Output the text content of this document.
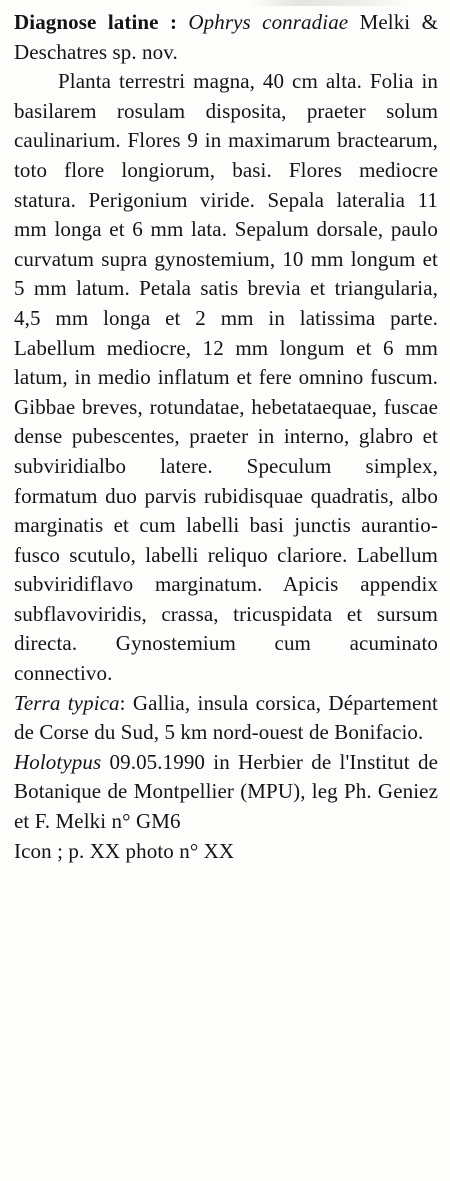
Diagnose latine : Ophrys conradiae Melki & Deschatres sp. nov.

Planta terrestri magna, 40 cm alta. Folia in basilarem rosulam disposita, praeter solum caulinarium. Flores 9 in maximarum bractearum, toto flore longiorum, basi. Flores mediocre statura. Perigonium viride. Sepala lateralia 11 mm longa et 6 mm lata. Sepalum dorsale, paulo curvatum supra gynostemium, 10 mm longum et 5 mm latum. Petala satis brevia et triangularia, 4,5 mm longa et 2 mm in latissima parte. Labellum mediocre, 12 mm longum et 6 mm latum, in medio inflatum et fere omnino fuscum. Gibbae breves, rotundatae, hebetataequae, fuscae dense pubescentes, praeter in interno, glabro et subviridialbo latere. Speculum simplex, formatum duo parvis rubidisquae quadratis, albo marginatis et cum labelli basi junctis aurantio-fusco scutulo, labelli reliquo clariore. Labellum subviridiflavo marginatum. Apicis appendix subflavoviridis, crassa, tricuspidata et sursum directa. Gynostemium cum acuminato connectivo.

Terra typica: Gallia, insula corsica, Département de Corse du Sud, 5 km nord-ouest de Bonifacio.

Holotypus 09.05.1990 in Herbier de l'Institut de Botanique de Montpellier (MPU), leg Ph. Geniez et F. Melki n° GM6

Icon ; p. XX photo n° XX
